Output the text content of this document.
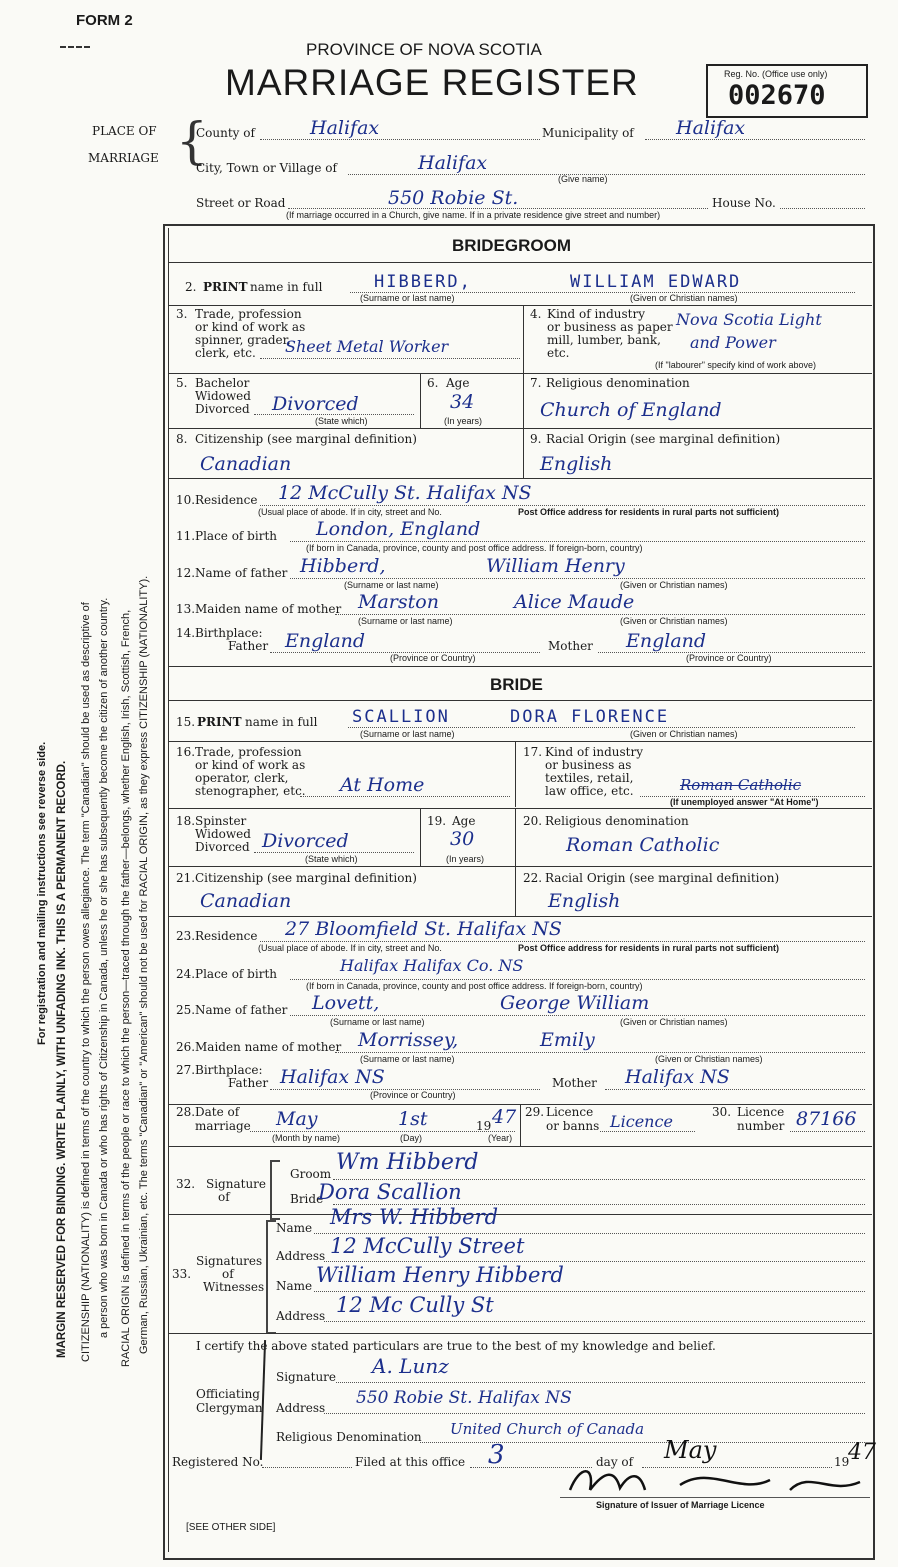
FORM 2
PROVINCE OF NOVA SCOTIA
MARRIAGE REGISTER	Reg. No. (Office use only)
002670
PLACE OF
MARRIAGE {
County of	Halifax	Municipality of Halifax
City, Town or Village of	Halifax
(Give name)
Street or Road	550 Robie St.	House No.
(If marriage occurred in a Church, give name. If in a private residence give street and number)
For registration and mailing instructions see reverse side. MARGIN RESERVED FOR BINDING. WRITE PLAINLY, WITH UNFADING INK. THIS IS A PERMANENT RECORD. CITIZENSHIP (NATIONALITY) is defined in terms of the country to which the person owes allegiance. The term "Canadian" should be used as descriptive of a person who was born in Canada or who has rights of Citizenship in Canada, unless he or she has subsequently become the citizen of another country. RACIAL ORIGIN is defined in terms of the people or race to which the person—traced through the father—belongs, whether English, Irish, Scottish, French, German, Russian, Ukrainian, etc. The terms "Canadian" or "American" should not be used for RACIAL ORIGIN, as they express CITIZENSHIP (NATIONALITY).
BRIDEGROOM
2. PRINT name in full	HIBBERD,	WILLIAM EDWARD
(Surname or last name)	(Given or Christian names)
3. Trade, profession
or kind of work as
spinner, grader,
clerk, etc. Sheet Metal Worker
4. Kind of industry
or business as paper
mill, lumber, bank,
etc.
Nova Scotia Light
and Power
(If "labourer" specify kind of work above)
5. Bachelor
Widowed
Divorced Divorced
(State which)
6. Age
34
(In years)
7. Religious denomination
Church of England
8. Citizenship (see marginal definition)
Canadian
9. Racial Origin (see marginal definition)
English
10. Residence 12 McCully St. Halifax NS
(Usual place of abode. If in city, street and No.	Post Office address for residents in rural parts not sufficient)
11. Place of birth London, England
(If born in Canada, province, county and post office address. If foreign-born, country)
12. Name of father Hibberd,	William Henry
(Surname or last name)	(Given or Christian names)
13. Maiden name of mother Marston	Alice Maude
(Surname or last name)	(Given or Christian names)
14. Birthplace:
Father England
(Province or Country)
Mother England
(Province or Country)
BRIDE
15. PRINT name in full SCALLION	DORA FLORENCE
(Surname or last name)	(Given or Christian names)
16. Trade, profession
or kind of work as
operator, clerk,
stenographer, etc. At Home
17. Kind of industry
or business as
textiles, retail,
law office, etc.	Roman Catholic
(If unemployed answer "At Home")
18. Spinster
Widowed
Divorced Divorced
(State which)
19. Age
30
(In years)
20. Religious denomination
Roman Catholic
21. Citizenship (see marginal definition)
Canadian
22. Racial Origin (see marginal definition)
English
23. Residence 27 Bloomfield St. Halifax NS
(Usual place of abode. If in city, street and No.	Post Office address for residents in rural parts not sufficient)
24. Place of birth	Halifax Halifax Co. NS
(If born in Canada, province, county and post office address. If foreign-born, country)
25. Name of father Lovett,	George William
(Surname or last name)	(Given or Christian names)
26. Maiden name of mother Morrissey,	Emily
(Surname or last name)	(Given or Christian names)
27. Birthplace:
Father Halifax NS
(Province or Country)
Mother Halifax NS
28. Date of
marriage May	1st	19 47
(Month by name)	(Day)	(Year)
29. Licence
or banns Licence	30. Licence
number 87166
32. Signature
of
Groom Wm Hibberd
Bride
Dora Scallion
Signatures
of
Witnesses
33.
Name Mrs W. Hibberd
Address 12 McCully Street
Name William Henry Hibberd
Address 12 Mc Cully St
I certify the above stated particulars are true to the best of my knowledge and belief.
Signature A. Lunz
Officiating
Clergyman Address 550 Robie St. Halifax NS
Religious Denomination United Church of Canada
Registered No.	Filed at this office 3	day of May	19
47
Signature of Issuer of Marriage Licence
[SEE OTHER SIDE]
